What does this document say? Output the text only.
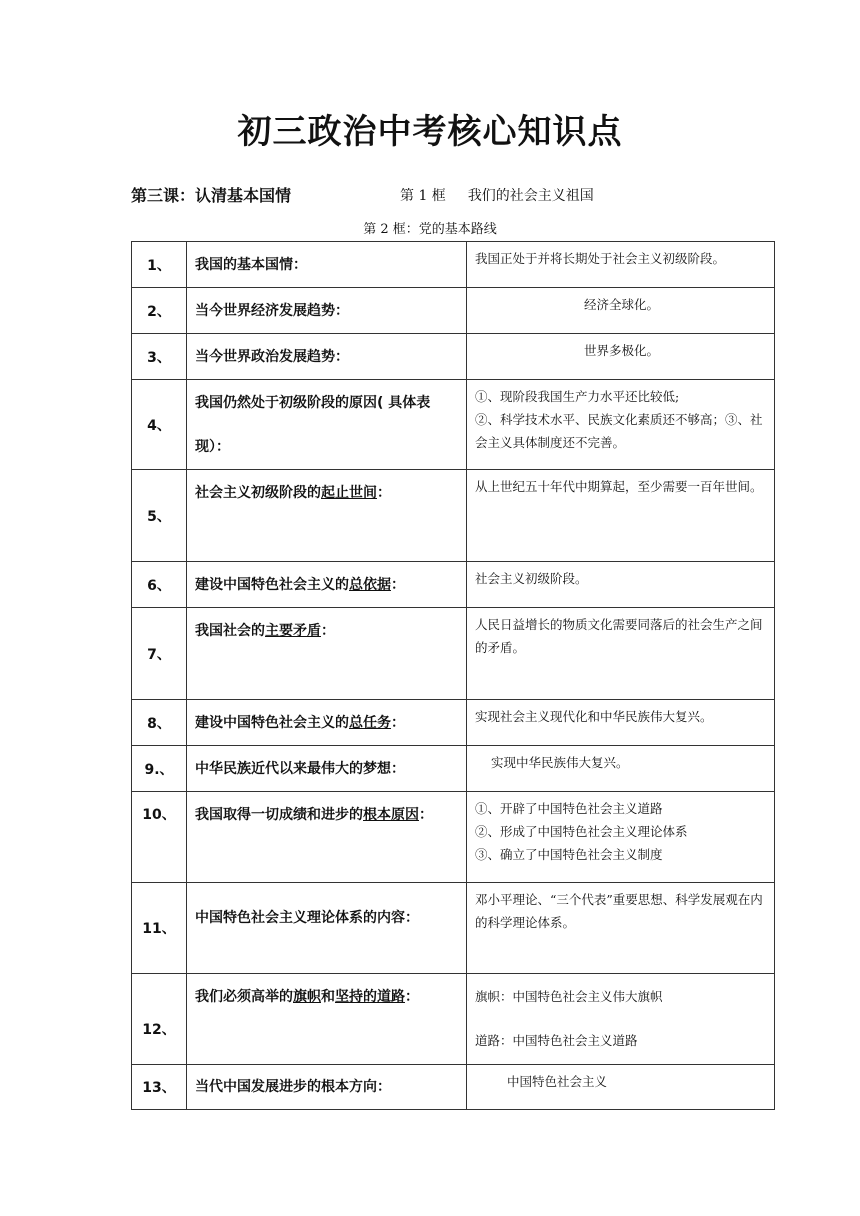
初三政治中考核心知识点
第三课：认清基本国情	第 1 框 我们的社会主义祖国
第 2 框：党的基本路线
1、	我国的基本国情：	我国正处于并将长期处于社会主义初级阶段。
2、	当今世界经济发展趋势：	经济全球化。
3、	当今世界政治发展趋势：	世界多极化。
4、	我国仍然处于初级阶段的原因( 具体表现）：	①、现阶段我国生产力水平还比较低;
②、科学技术水平、民族文化素质还不够高；③、社会主义具体制度还不完善。

5、	社会主义初级阶段的起止世间：	从上世纪五十年代中期算起，至少需要一百年世间。
6、	建设中国特色社会主义的总依据：	社会主义初级阶段。
7、	我国社会的主要矛盾：	人民日益增长的物质文化需要同落后的社会生产之间的矛盾。
8、	建设中国特色社会主义的总任务：	实现社会主义现代化和中华民族伟大复兴。
9.、	中华民族近代以来最伟大的梦想：	实现中华民族伟大复兴。
10、	我国取得一切成绩和进步的根本原因：	①、开辟了中国特色社会主义道路
②、形成了中国特色社会主义理论体系
③、确立了中国特色社会主义制度

11、	中国特色社会主义理论体系的内容：	邓小平理论、“三个代表”重要思想、科学发展观在内的科学理论体系。
12、	我们必须高举的旗帜和坚持的道路：	旗帜：中国特色社会主义伟大旗帜
道路：中国特色社会主义道路

13、	当代中国发展进步的根本方向：	中国特色社会主义
